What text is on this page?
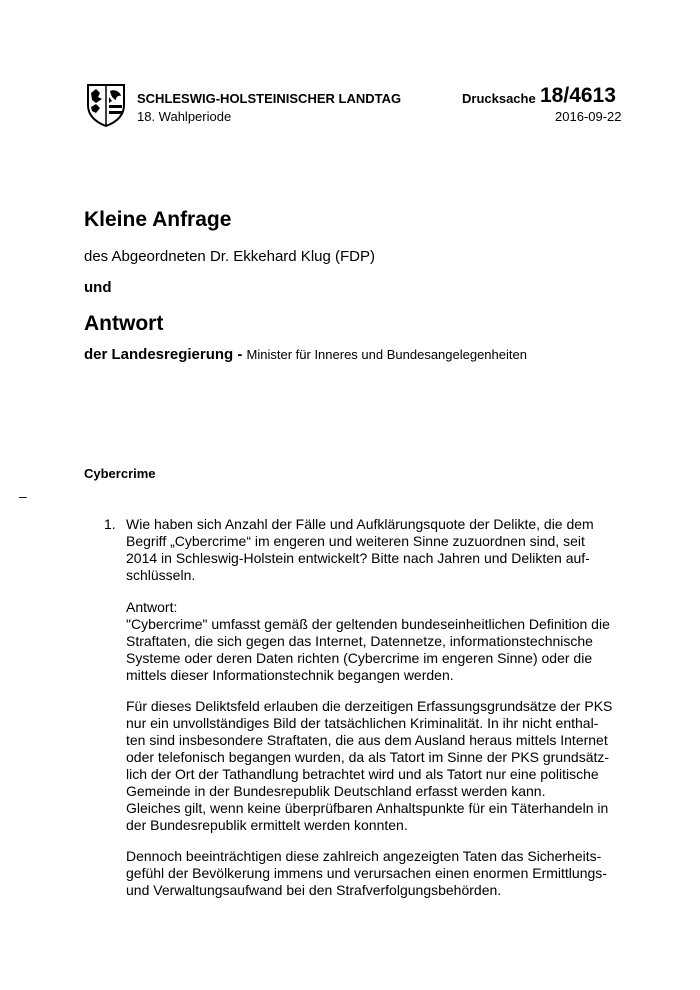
SCHLESWIG-HOLSTEINISCHER LANDTAG
18. Wahlperiode
Drucksache 18/4613
2016-09-22
Kleine Anfrage
des Abgeordneten Dr. Ekkehard Klug (FDP)
und
Antwort
der Landesregierung - Minister für Inneres und Bundesangelegenheiten
Cybercrime
–
1. Wie haben sich Anzahl der Fälle und Aufklärungsquote der Delikte, die dem
Begriff „Cybercrime“ im engeren und weiteren Sinne zuzuordnen sind, seit
2014 in Schleswig-Holstein entwickelt? Bitte nach Jahren und Delikten auf-
schlüsseln.
Antwort:
"Cybercrime" umfasst gemäß der geltenden bundeseinheitlichen Definition die
Straftaten, die sich gegen das Internet, Datennetze, informationstechnische
Systeme oder deren Daten richten (Cybercrime im engeren Sinne) oder die
mittels dieser Informationstechnik begangen werden.
Für dieses Deliktsfeld erlauben die derzeitigen Erfassungsgrundsätze der PKS
nur ein unvollständiges Bild der tatsächlichen Kriminalität. In ihr nicht enthal-
ten sind insbesondere Straftaten, die aus dem Ausland heraus mittels Internet
oder telefonisch begangen wurden, da als Tatort im Sinne der PKS grundsätz-
lich der Ort der Tathandlung betrachtet wird und als Tatort nur eine politische
Gemeinde in der Bundesrepublik Deutschland erfasst werden kann.
Gleiches gilt, wenn keine überprüfbaren Anhaltspunkte für ein Täterhandeln in
der Bundesrepublik ermittelt werden konnten.
Dennoch beeinträchtigen diese zahlreich angezeigten Taten das Sicherheits-
gefühl der Bevölkerung immens und verursachen einen enormen Ermittlungs-
und Verwaltungsaufwand bei den Strafverfolgungsbehörden.
